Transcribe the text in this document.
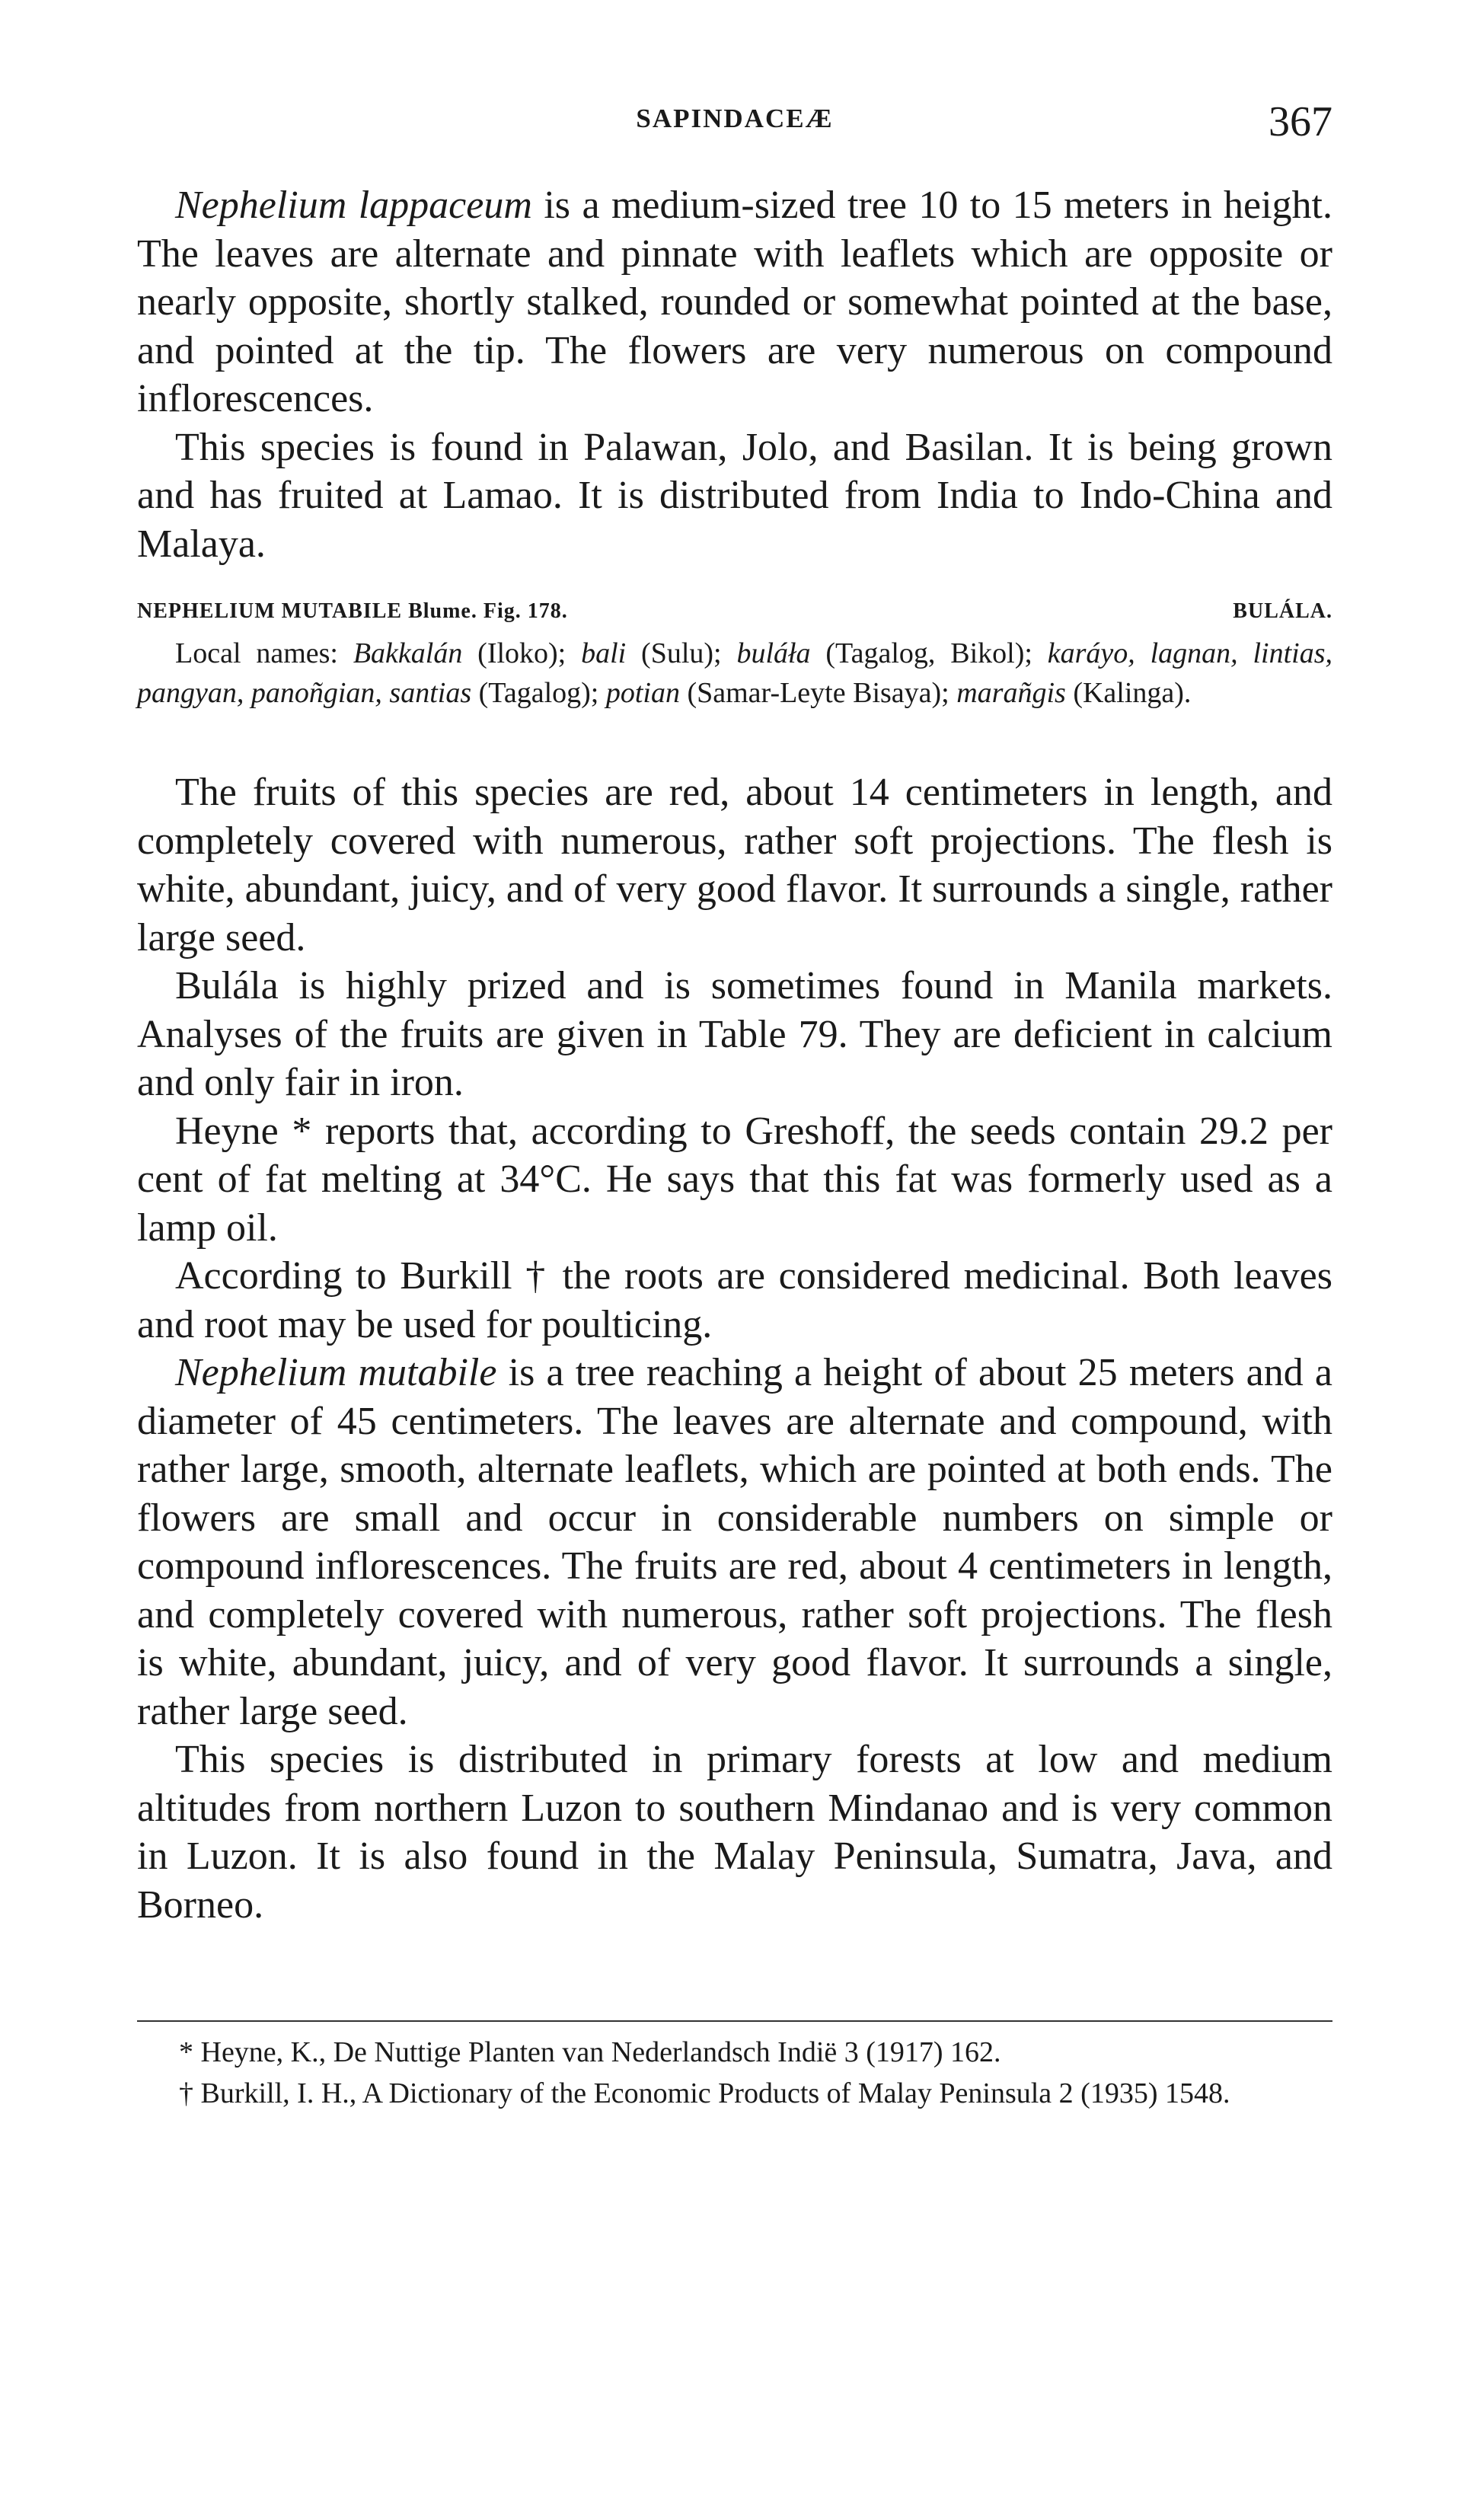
SAPINDACEÆ	367

Nephelium lappaceum is a medium-sized tree 10 to 15 meters in height. The leaves are alternate and pinnate with leaflets which are opposite or nearly opposite, shortly stalked, rounded or somewhat pointed at the base, and pointed at the tip. The flowers are very numerous on compound inflorescences.

This species is found in Palawan, Jolo, and Basilan. It is being grown and has fruited at Lamao. It is distributed from India to Indo-China and Malaya.

NEPHELIUM MUTABILE Blume. Fig. 178.	BULÁLA.
Local names: Bakkalán (Iloko); bali (Sulu); buláła (Tagalog, Bikol); karáyo, lagnan, lintias, pangyan, panoñgian, santias (Tagalog); potian (Samar-Leyte Bisaya); marañgis (Kalinga).

The fruits of this species are red, about 14 centimeters in length, and completely covered with numerous, rather soft projections. The flesh is white, abundant, juicy, and of very good flavor. It surrounds a single, rather large seed.

Bulála is highly prized and is sometimes found in Manila markets. Analyses of the fruits are given in Table 79. They are deficient in calcium and only fair in iron.

Heyne * reports that, according to Greshoff, the seeds contain 29.2 per cent of fat melting at 34°C. He says that this fat was formerly used as a lamp oil.

According to Burkill † the roots are considered medicinal. Both leaves and root may be used for poulticing.

Nephelium mutabile is a tree reaching a height of about 25 meters and a diameter of 45 centimeters. The leaves are alternate and compound, with rather large, smooth, alternate leaflets, which are pointed at both ends. The flowers are small and occur in considerable numbers on simple or compound inflorescences. The fruits are red, about 4 centimeters in length, and completely covered with numerous, rather soft projections. The flesh is white, abundant, juicy, and of very good flavor. It surrounds a single, rather large seed.

This species is distributed in primary forests at low and medium altitudes from northern Luzon to southern Mindanao and is very common in Luzon. It is also found in the Malay Peninsula, Sumatra, Java, and Borneo.

* Heyne, K., De Nuttige Planten van Nederlandsch Indië 3 (1917) 162.

† Burkill, I. H., A Dictionary of the Economic Products of Malay Peninsula 2 (1935) 1548.
